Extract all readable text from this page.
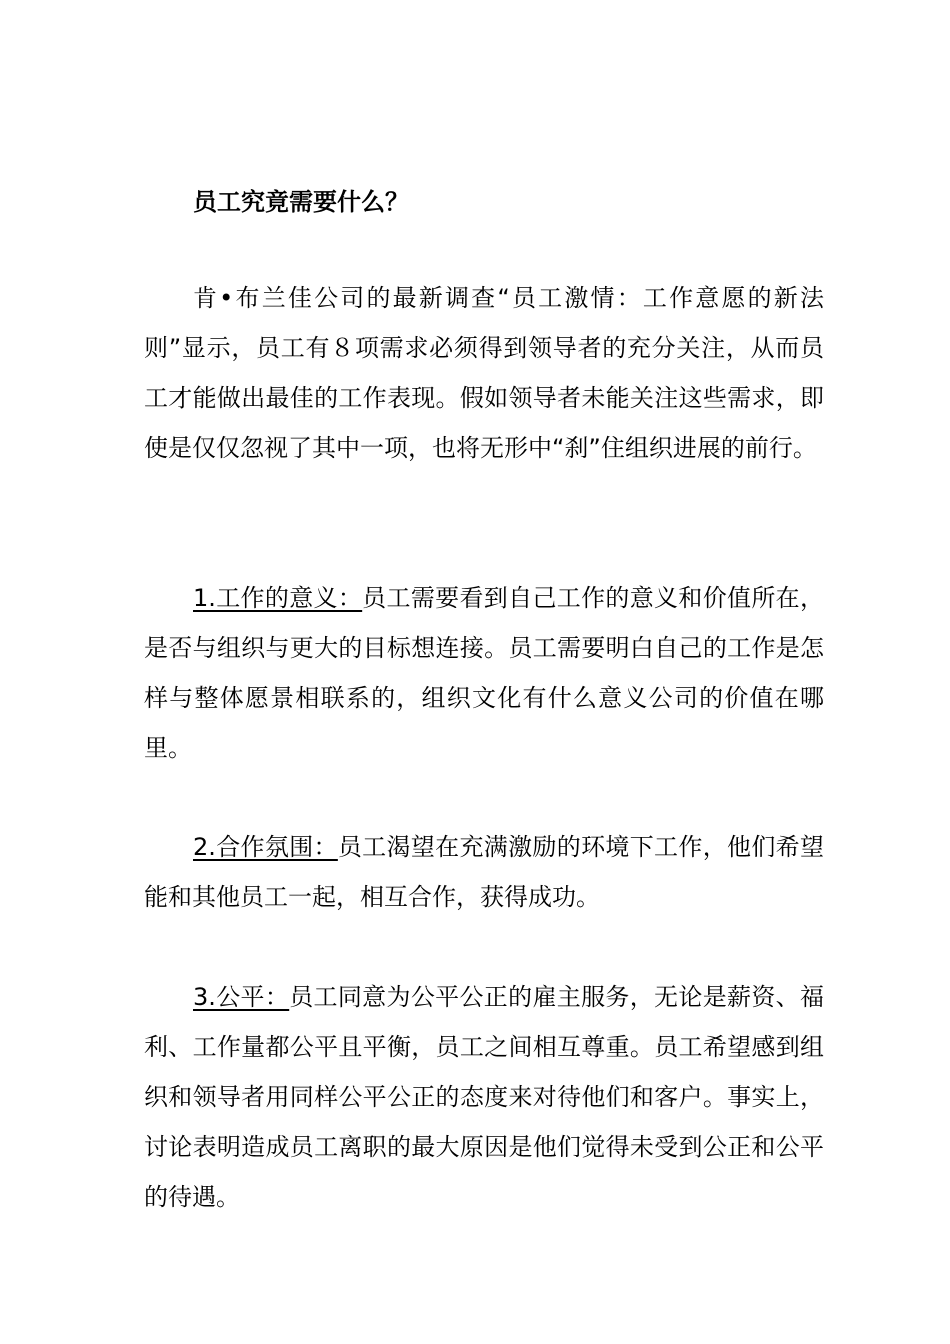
员工究竟需要什么？

肯•布兰佳公司的最新调查“员工激情：工作意愿的新法则”显示，员工有８项需求必须得到领导者的充分关注，从而员工才能做出最佳的工作表现。假如领导者未能关注这些需求，即使是仅仅忽视了其中一项，也将无形中“刹”住组织进展的前行。

1.工作的意义：员工需要看到自己工作的意义和价值所在，是否与组织与更大的目标想连接。员工需要明白自己的工作是怎样与整体愿景相联系的，组织文化有什么意义公司的价值在哪里。

2.合作氛围：员工渴望在充满激励的环境下工作，他们希望能和其他员工一起，相互合作，获得成功。

3.公平：员工同意为公平公正的雇主服务，无论是薪资、福利、工作量都公平且平衡，员工之间相互尊重。员工希望感到组织和领导者用同样公平公正的态度来对待他们和客户。事实上，讨论表明造成员工离职的最大原因是他们觉得未受到公正和公平的待遇。
